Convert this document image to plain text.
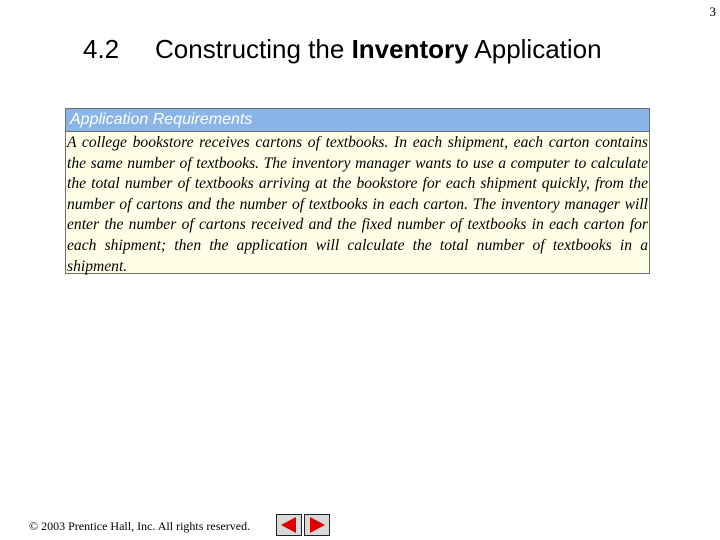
3
4.2 Constructing the Inventory Application
Application Requirements
A college bookstore receives cartons of textbooks. In each shipment, each carton contains the same number of textbooks. The inventory manager wants to use a computer to calculate the total number of textbooks arriving at the bookstore for each shipment quickly, from the number of cartons and the number of textbooks in each carton. The inventory manager will enter the number of cartons received and the fixed number of textbooks in each carton for each shipment; then the application will calculate the total number of textbooks in a shipment.
© 2003 Prentice Hall, Inc. All rights reserved.
